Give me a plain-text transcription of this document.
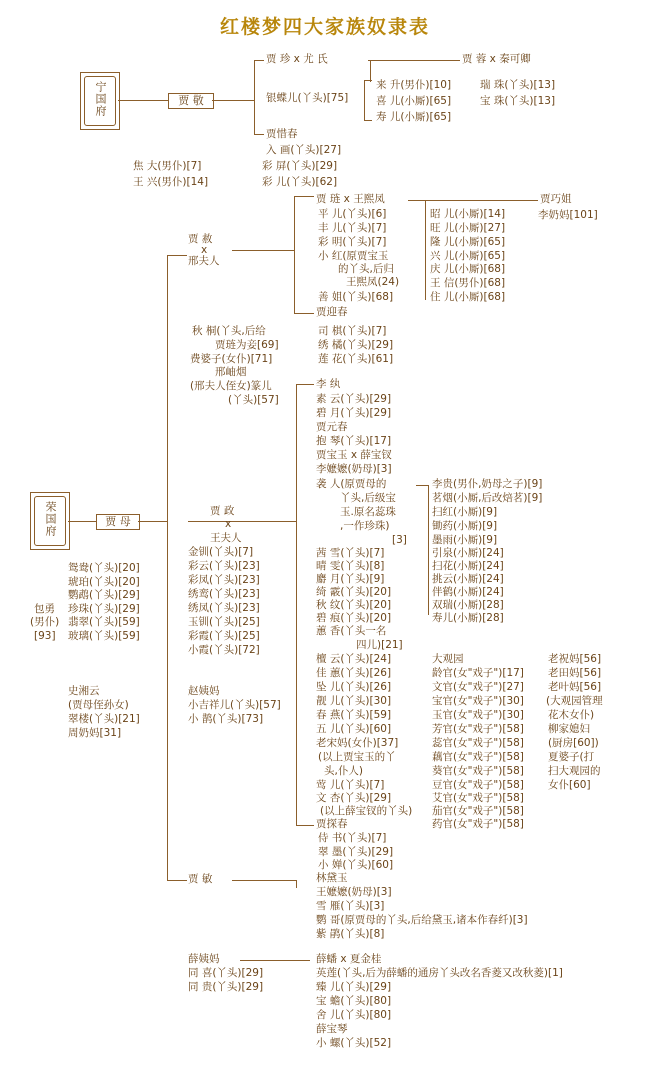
红楼梦四大家族奴隶表
宁国府	贾 敬
贾 珍 x 尤 氏	贾 蓉 x 秦可卿
银蝶儿(丫头)[75]
来 升(男仆)[10]
喜 儿(小厮)[65]
寿 儿(小厮)[65]
瑞 珠(丫头)[13]
宝 珠(丫头)[13]
贾惜春
入 画(丫头)[27]
彩 屏(丫头)[29]
彩 儿(丫头)[62]
焦 大(男仆)[7]
王 兴(男仆)[14]
贾 赦
x
邢夫人
贾 琏 x 王熙凤	贾巧姐
李奶妈[101]
平 儿(丫头)[6]
丰 儿(丫头)[7]
彩 明(丫头)[7]
小 红(原贾宝玉
的丫头,后归
王熙凤(24)
善 姐(丫头)[68]
昭 儿(小厮)[14]
旺 儿(小厮)[27]
隆 儿(小厮)[65]
兴 儿(小厮)[65]
庆 儿(小厮)[68]
王 信(男仆)[68]
住 儿(小厮)[68]
贾迎春
司 棋(丫头)[7]
绣 橘(丫头)[29]
莲 花(丫头)[61]
秋 桐(丫头,后给
贾琏为妾[69]
费婆子(女仆)[71]
邢岫烟
(邢夫人侄女)篆儿
(丫头)[57]
荣国府	贾 母
鸳鸯(丫头)[20]
琥珀(丫头)[20]
鹦鹉(丫头)[29]
珍珠(丫头)[29]
翡翠(丫头)[59]
玻璃(丫头)[59]
包勇
(男仆)
[93]
史湘云
(贾母侄孙女)
翠楼(丫头)[21]
周奶妈[31]
贾 政
x
王夫人
金钏(丫头)[7]
彩云(丫头)[23]
彩凤(丫头)[23]
绣鸾(丫头)[23]
绣凤(丫头)[23]
玉钏(丫头)[25]
彩霞(丫头)[25]
小霞(丫头)[72]
赵姨妈
小吉祥儿(丫头)[57]
小 鹊(丫头)[73]
李 纨
素 云(丫头)[29]
碧 月(丫头)[29]
贾元春
抱 琴(丫头)[17]
贾宝玉 x 薛宝钗
李嬷嬷(奶母)[3]
袭 人(原贾母的
丫头,后级宝
玉.原名蕊珠
,一作珍珠)
[3]
茜 雪(丫头)[7]
晴 雯(丫头)[8]
麝 月(丫头)[9]
绮 霰(丫头)[20]
秋 纹(丫头)[20]
碧 痕(丫头)[20]
蕙 香(丫头一名
四儿)[21]
檀 云(丫头)[24]
佳 蕙(丫头)[26]
坠 儿(丫头)[26]
靓 儿(丫头)[30]
春 燕(丫头)[59]
五 儿(丫头)[60]
老宋妈(女仆)[37]
(以上贾宝玉的丫
头,仆人)
莺 儿(丫头)[7]
文 杏(丫头)[29]
(以上薛宝钗的丫头)
贾探春
侍 书(丫头)[7]
翠 墨(丫头)[29]
小 婵(丫头)[60]
李贵(男仆,奶母之子)[9]
茗烟(小厮,后改焙茗)[9]
扫红(小厮)[9]
锄药(小厮)[9]
墨雨(小厮)[9]
引泉(小厮)[24]
扫花(小厮)[24]
挑云(小厮)[24]
伴鹤(小厮)[24]
双瑞(小厮)[28]
寿儿(小厮)[28]
大观园
龄官(女"戏子")[17]
文官(女"戏子")[27]
宝官(女"戏子")[30]
玉官(女"戏子")[30]
芳官(女"戏子")[58]
蕊官(女"戏子")[58]
藕官(女"戏子")[58]
葵官(女"戏子")[58]
豆官(女"戏子")[58]
艾官(女"戏子")[58]
茄官(女"戏子")[58]
药官(女"戏子")[58]
老祝妈[56]
老田妈[56]
老叶妈[56]
(大观园管理
花木女仆)
柳家媳妇
(厨房[60])
夏婆子(打
扫大观园的
女仆[60]
贾 敏	林黛玉
王嬷嬷(奶母)[3]
雪 雁(丫头)[3]
鹦 哥(原贾母的丫头,后给黛玉,诸本作春纤)[3]
紫 鹃(丫头)[8]
薛姨妈
同 喜(丫头)[29]
同 贵(丫头)[29]
薛蟠 x 夏金桂
英莲(丫头,后为薛蟠的通房丫头改名香菱又改秋菱)[1]
臻 儿(丫头)[29]
宝 蟾(丫头)[80]
舍 儿(丫头)[80]
薛宝琴
小 螺(丫头)[52]
